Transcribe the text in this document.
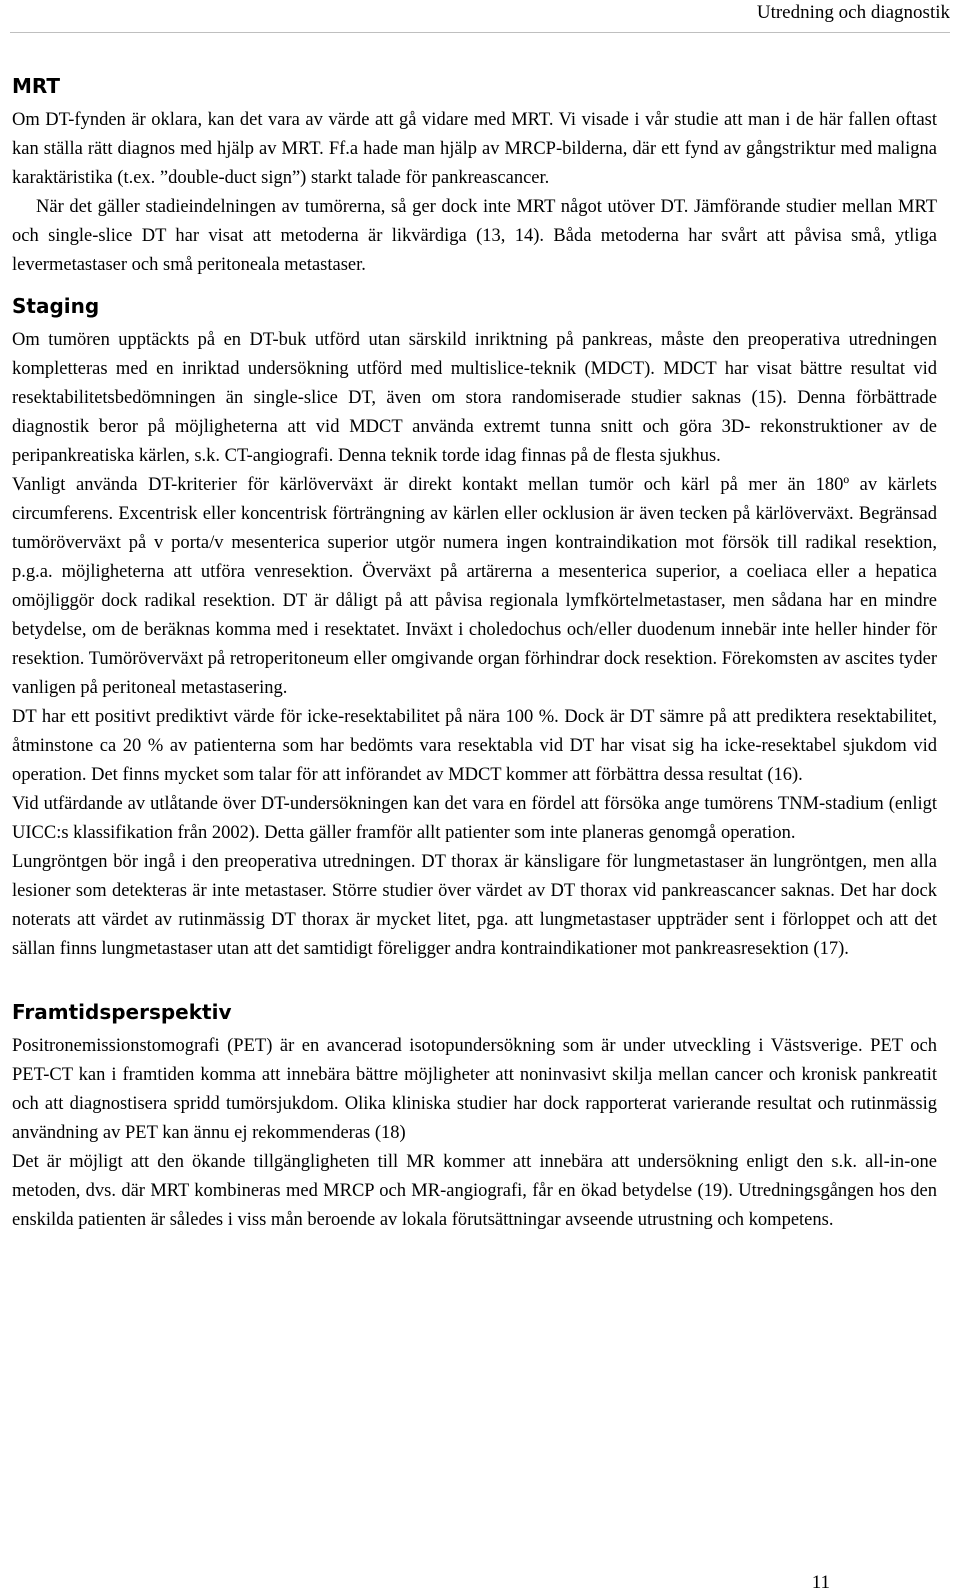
Utredning och diagnostik
MRT

Om DT-fynden är oklara, kan det vara av värde att gå vidare med MRT. Vi visade i vår studie att man i de här fallen oftast kan ställa rätt diagnos med hjälp av MRT. Ff.a hade man hjälp av MRCP-bilderna, där ett fynd av gångstriktur med maligna karaktäristika (t.ex. ”double-duct sign”) starkt talade för pankreascancer.

När det gäller stadieindelningen av tumörerna, så ger dock inte MRT något utöver DT. Jämförande studier mellan MRT och single-slice DT har visat att metoderna är likvärdiga (13, 14). Båda metoderna har svårt att påvisa små, ytliga levermetastaser och små peritoneala metastaser.

Staging

Om tumören upptäckts på en DT-buk utförd utan särskild inriktning på pankreas, måste den preoperativa utredningen kompletteras med en inriktad undersökning utförd med multislice-teknik (MDCT). MDCT har visat bättre resultat vid resektabilitetsbedömningen än single-slice DT, även om stora randomiserade studier saknas (15). Denna förbättrade diagnostik beror på möjligheterna att vid MDCT använda extremt tunna snitt och göra 3D- rekonstruktioner av de peripankreatiska kärlen, s.k. CT-angiografi. Denna teknik torde idag finnas på de flesta sjukhus.

Vanligt använda DT-kriterier för kärlöverväxt är direkt kontakt mellan tumör och kärl på mer än 180º av kärlets circumferens. Excentrisk eller koncentrisk förträngning av kärlen eller ocklusion är även tecken på kärlöverväxt. Begränsad tumöröverväxt på v porta/v mesenterica superior utgör numera ingen kontraindikation mot försök till radikal resektion, p.g.a. möjligheterna att utföra venresektion. Överväxt på artärerna a mesenterica superior, a coeliaca eller a hepatica omöjliggör dock radikal resektion. DT är dåligt på att påvisa regionala lymfkörtelmetastaser, men sådana har en mindre betydelse, om de beräknas komma med i resektatet. Inväxt i choledochus och/eller duodenum innebär inte heller hinder för resektion. Tumöröverväxt på retroperitoneum eller omgivande organ förhindrar dock resektion. Förekomsten av ascites tyder vanligen på peritoneal metastasering.

DT har ett positivt prediktivt värde för icke-resektabilitet på nära 100 %. Dock är DT sämre på att prediktera resektabilitet, åtminstone ca 20 % av patienterna som har bedömts vara resektabla vid DT har visat sig ha icke-resektabel sjukdom vid operation. Det finns mycket som talar för att införandet av MDCT kommer att förbättra dessa resultat (16).

Vid utfärdande av utlåtande över DT-undersökningen kan det vara en fördel att försöka ange tumörens TNM-stadium (enligt UICC:s klassifikation från 2002). Detta gäller framför allt patienter som inte planeras genomgå operation.

Lungröntgen bör ingå i den preoperativa utredningen. DT thorax är känsligare för lungmetastaser än lungröntgen, men alla lesioner som detekteras är inte metastaser. Större studier över värdet av DT thorax vid pankreascancer saknas. Det har dock noterats att värdet av rutinmässig DT thorax är mycket litet, pga. att lungmetastaser uppträder sent i förloppet och att det sällan finns lungmetastaser utan att det samtidigt föreligger andra kontraindikationer mot pankreasresektion (17).

Framtidsperspektiv

Positronemissionstomografi (PET) är en avancerad isotopundersökning som är under utveckling i Västsverige. PET och PET-CT kan i framtiden komma att innebära bättre möjligheter att noninvasivt skilja mellan cancer och kronisk pankreatit och att diagnostisera spridd tumörsjukdom. Olika kliniska studier har dock rapporterat varierande resultat och rutinmässig användning av PET kan ännu ej rekommenderas (18)

Det är möjligt att den ökande tillgängligheten till MR kommer att innebära att undersökning enligt den s.k. all-in-one metoden, dvs. där MRT kombineras med MRCP och MR-angiografi, får en ökad betydelse (19). Utredningsgången hos den enskilda patienten är således i viss mån beroende av lokala förutsättningar avseende utrustning och kompetens.

11
